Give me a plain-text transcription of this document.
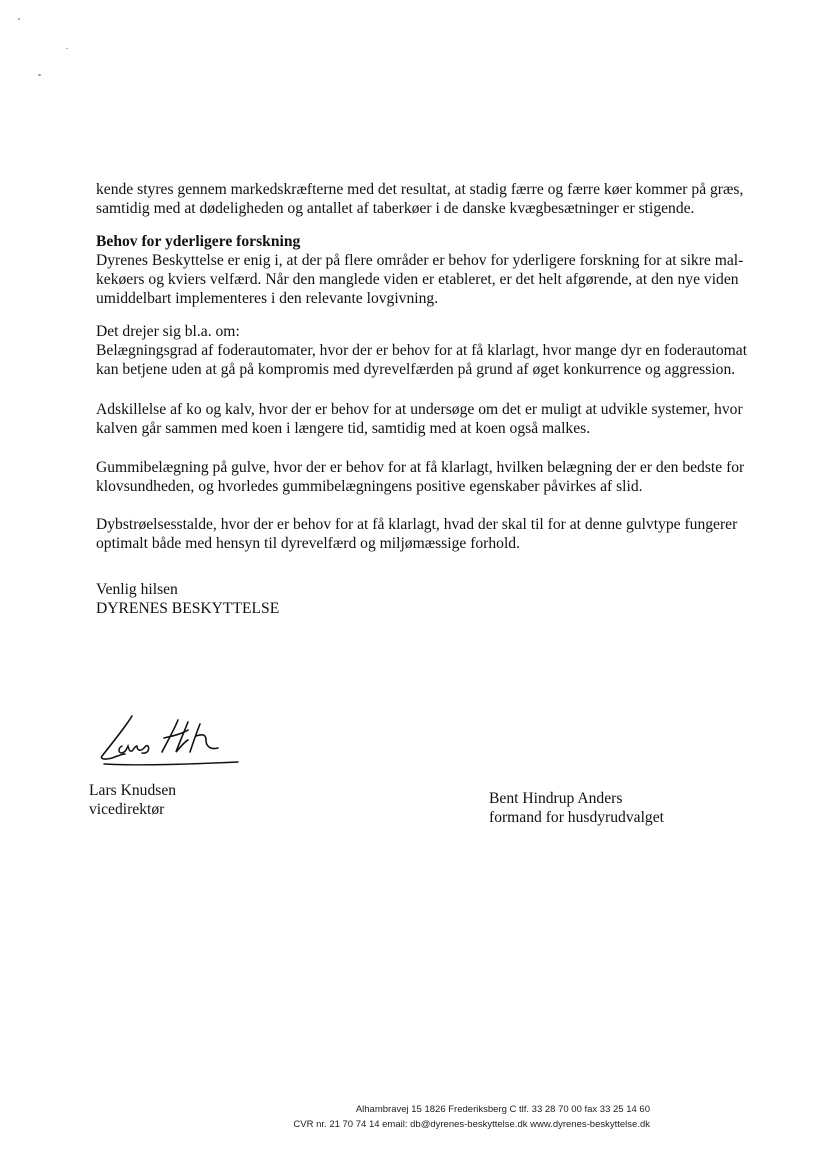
kende styres gennem markedskræfterne med det resultat, at stadig færre og færre køer kommer på græs,
samtidig med at dødeligheden og antallet af taberkøer i de danske kvægbesætninger er stigende.
Behov for yderligere forskning
Dyrenes Beskyttelse er enig i, at der på flere områder er behov for yderligere forskning for at sikre mal-
kekøers og kviers velfærd. Når den manglede viden er etableret, er det helt afgørende, at den nye viden
umiddelbart implementeres i den relevante lovgivning.
Det drejer sig bl.a. om:
Belægningsgrad af foderautomater, hvor der er behov for at få klarlagt, hvor mange dyr en foderautomat
kan betjene uden at gå på kompromis med dyrevelfærden på grund af øget konkurrence og aggression.
Adskillelse af ko og kalv, hvor der er behov for at undersøge om det er muligt at udvikle systemer, hvor
kalven går sammen med koen i længere tid, samtidig med at koen også malkes.
Gummibelægning på gulve, hvor der er behov for at få klarlagt, hvilken belægning der er den bedste for
klovsundheden, og hvorledes gummibelægningens positive egenskaber påvirkes af slid.
Dybstrøelsesstalde, hvor der er behov for at få klarlagt, hvad der skal til for at denne gulvtype fungerer
optimalt både med hensyn til dyrevelfærd og miljømæssige forhold.
Venlig hilsen
DYRENES BESKYTTELSE
Lars Knudsen
vicedirektør
Bent Hindrup Anders
formand for husdyrudvalget
Alhambravej 15 1826 Frederiksberg C tlf. 33 28 70 00 fax 33 25 14 60
CVR nr. 21 70 74 14 email: db@dyrenes-beskyttelse.dk www.dyrenes-beskyttelse.dk
